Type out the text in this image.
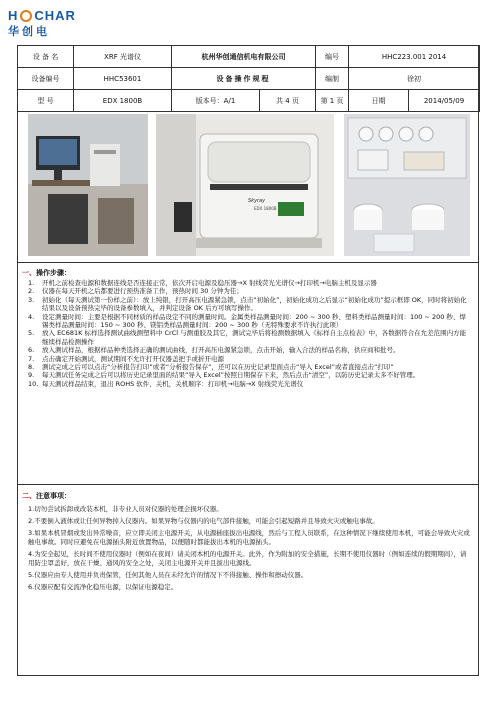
H CHAR
华创电
设 备 名	XRF 光谱仪	杭州华创通信机电有限公司		编号	HHC223.001 2014	
设备编号	HHC53601	设备操作规程		编制	徐初	
型 号	EDX 1800B	版本号：A/1	共 4 页	第 1 页	日期	2014/05/09
Skyray
EDX 1800B
一、操作步骤：
1.	开机之前检查电源和数据连线是否连接正常，依次开启电源及稳压器→X 射线荧光光谱仪→打印机→电脑主机及显示器
2.	仪器在每天开机之后都要进行预热准备工作，预热时间 30 分钟为佳；
3.	初始化（每天测试第一份样之前）：放上纯银，打开高压电源紧急锁，点击“初始化”，初始化成功之后显示“初始化成功”提示框即 OK，同时将初始化结果以及设备预热完毕的设备参数填入，并判定设备 OK 后方可填写操作。
4.	设定测量时间：主要是根据不同材质的样品设定不同的测量时间。金属类样品测量时间：200 ~ 300 秒、塑料类样品测量时间：100 ~ 200 秒、焊锡类样品测量时间：150 ~ 300 秒、镁铝类样品测量时间：200 ~ 300 秒（无特殊要求不许执行此项）
5.	放入 EC681K 标样选择测试曲线测塑料中 CrCl 与测重胶及其它，测试完毕后将检测数据填入《标样自主点检表》中，各数据符合在允差范围内方能继续样品检测操作
6.	放入测试样品，根据样品种类选择正确的测试曲线，打开高压电源紧急锁，点击开始，输入合法的样品名称，供应商和批号。
7.	点击确定开始测试，测试期间不允许打开仪器盖把手或折开电源
8.	测试完成之后可以点击“分析报告打印”或者“分析报告保存”，还可以在历史记录里面点击“导入 Excel”或者直接点击“打印”
9.	每天测试任务完成之后可以将历史记录里面的结果“导入 Excel”按照日期保存下来，然后点击“清空”，以防历史记录太多不好管理。
10. 每天测试样品结束，退出 ROHS 软件，关机，关机顺序：打印机→电脑→X 射线荧光光谱仪
二、注意事项：
1.切勿尝试拆卸或改装本机，非专业人员对仪器的处理会损坏仪器。
2.不要倒入液体或让任何异物掉入仪器内。如果异物与仪器内的电气部件接触，可能会引起短路并且导致火灾或触电事故。
3.如果本机冒烟或发出异常噪音，应立即关闭主电源开关，从电源插座拔出电源线，然后与工程人员联系，在这种情况下继续使用本机，可能会导致火灾或触电事故。同时应避免在电源插头附近放置物品，以便随时都能拔出本机的电源插头。
4.为安全起见，长时间不使用仪器时（例如在夜间）请关闭本机的电源开关。此外，作为附加的安全措施，长期不使用仪器时（例如连续的假期期间），请用防尘罩盖好，放在干燥、通风的安全之处，关闭主电源开关并且拔出电源线。
5.仪器应由专人使用并负责保管，任何其他人员在未经允许的情况下不得接触、操作和擦动仪器。
6.仪器应配有交流净化稳压电源，以保证电源稳定。
